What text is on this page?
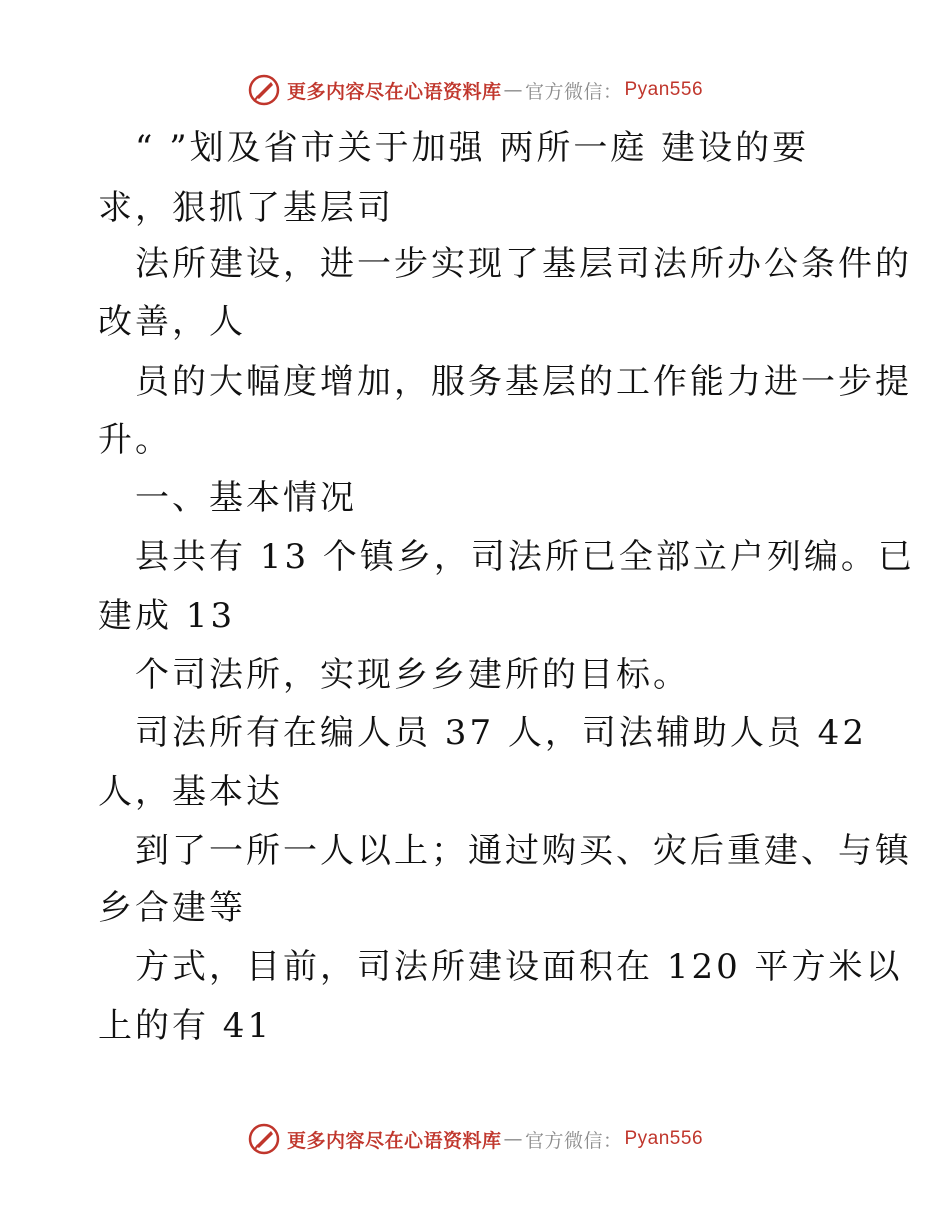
更多内容尽在心语资料库 — 官方微信： Pyan556
“ ”划及省市关于加强 两所一庭 建设的要
求，狠抓了基层司
法所建设，进一步实现了基层司法所办公条件的
改善，人
员的大幅度增加，服务基层的工作能力进一步提
升。
一、基本情况
县共有 13 个镇乡，司法所已全部立户列编。已
建成 13
个司法所，实现乡乡建所的目标。
司法所有在编人员 37 人，司法辅助人员 42
人，基本达
到了一所一人以上；通过购买、灾后重建、与镇
乡合建等
方式，目前，司法所建设面积在 120 平方米以
上的有 41
更多内容尽在心语资料库 — 官方微信： Pyan556
